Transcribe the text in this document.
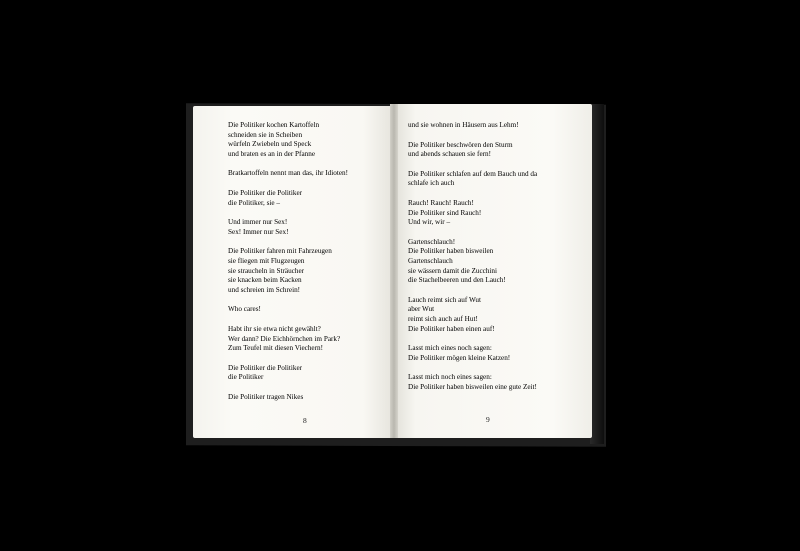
Die Politiker kochen Kartoffeln
schneiden sie in Scheiben
würfeln Zwiebeln und Speck
und braten es an in der Pfanne
Bratkartoffeln nennt man das, ihr Idioten!
Die Politiker die Politiker
die Politiker, sie –
Und immer nur Sex!
Sex! Immer nur Sex!
Die Politiker fahren mit Fahrzeugen
sie fliegen mit Flugzeugen
sie straucheln in Sträucher
sie knacken beim Kacken
und schreien im Schrein!
Who cares!
Habt ihr sie etwa nicht gewählt?
Wer dann? Die Eichhörnchen im Park?
Zum Teufel mit diesen Viechern!
Die Politiker die Politiker
die Politiker
Die Politiker tragen Nikes
und sie wohnen in Häusern aus Lehm!
Die Politiker beschwören den Sturm
und abends schauen sie fern!
Die Politiker schlafen auf dem Bauch und da
schlafe ich auch
Rauch! Rauch! Rauch!
Die Politiker sind Rauch!
Und wir, wir –
Gartenschlauch!
Die Politiker haben bisweilen
Gartenschlauch
sie wässern damit die Zucchini
die Stachelbeeren und den Lauch!
Lauch reimt sich auf Wut
aber Wut
reimt sich auch auf Hut!
Die Politiker haben einen auf!
Lasst mich eines noch sagen:
Die Politiker mögen kleine Katzen!
Lasst mich noch eines sagen:
Die Politiker haben bisweilen eine gute Zeit!
8	9
